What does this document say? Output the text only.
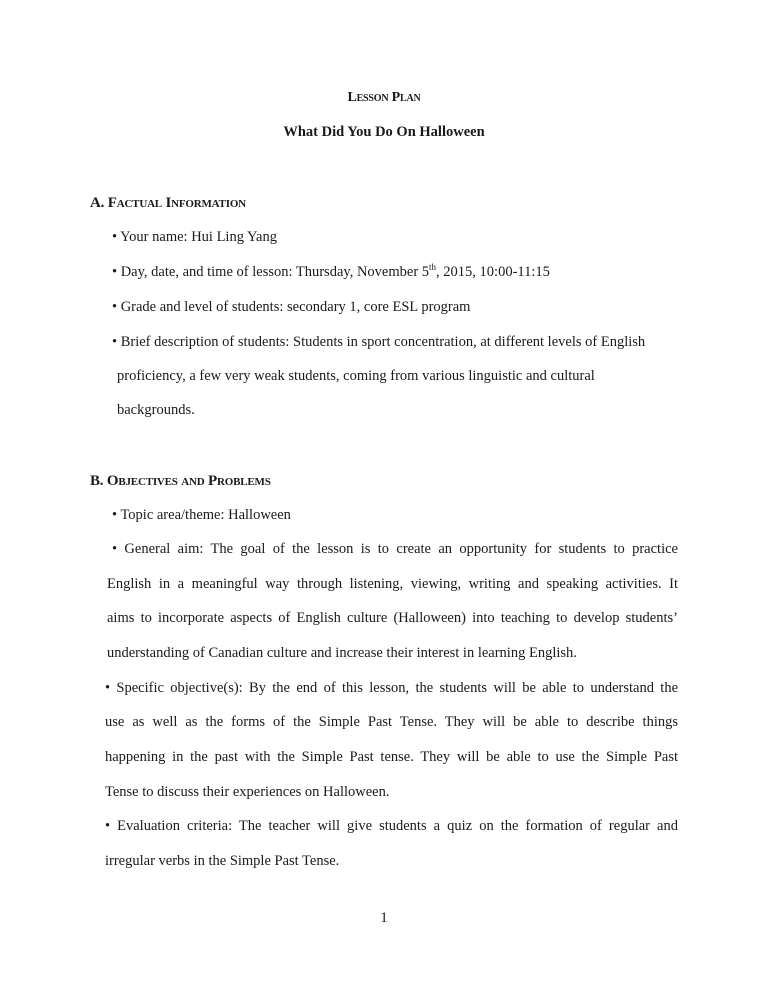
Lesson Plan
What Did You Do On Halloween
A. Factual Information
• Your name: Hui Ling Yang
• Day, date, and time of lesson: Thursday, November 5th, 2015, 10:00-11:15
• Grade and level of students: secondary 1, core ESL program
• Brief description of students: Students in sport concentration, at different levels of English
proficiency, a few very weak students, coming from various linguistic and cultural
backgrounds.
B. Objectives and Problems
• Topic area/theme: Halloween
• General aim: The goal of the lesson is to create an opportunity for students to practice
English in a meaningful way through listening, viewing, writing and speaking activities. It
aims to incorporate aspects of English culture (Halloween) into teaching to develop students’
understanding of Canadian culture and increase their interest in learning English.
• Specific objective(s): By the end of this lesson, the students will be able to understand the
use as well as the forms of the Simple Past Tense. They will be able to describe things
happening in the past with the Simple Past tense. They will be able to use the Simple Past
Tense to discuss their experiences on Halloween.
• Evaluation criteria: The teacher will give students a quiz on the formation of regular and
irregular verbs in the Simple Past Tense.
1
